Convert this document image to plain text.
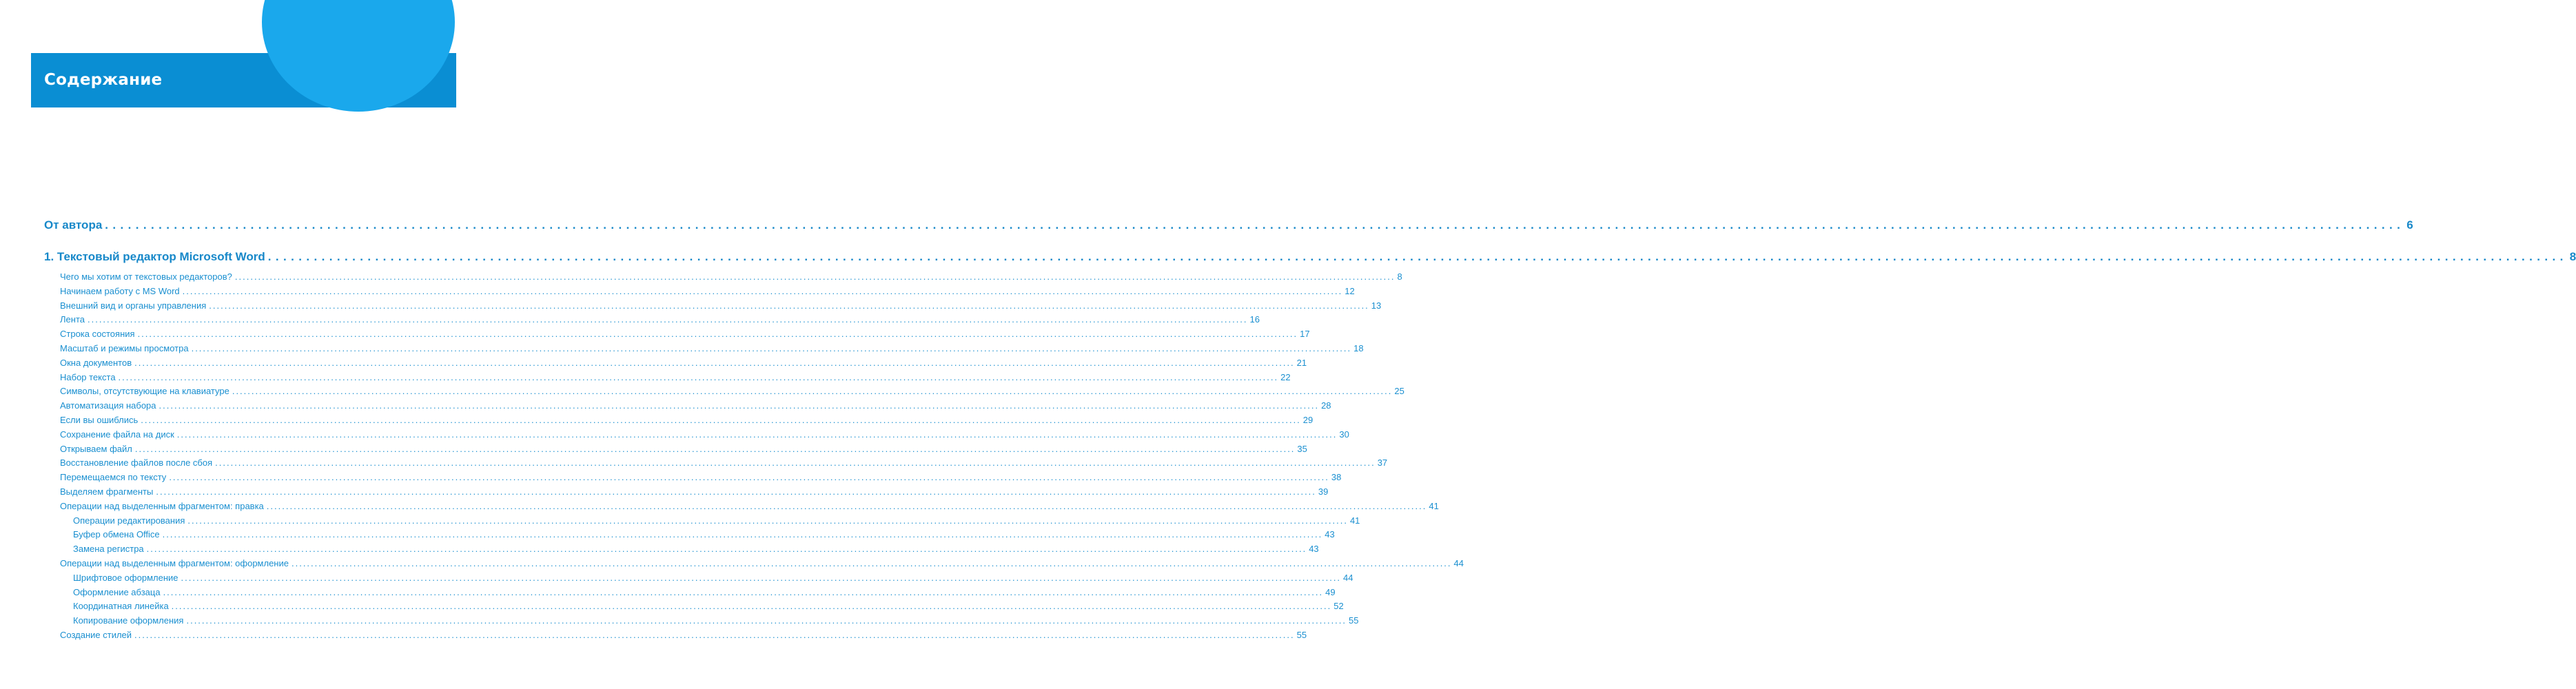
Содержание
От автора ............................................................................................................................................................................................................................................................................................................ 6
1. Текстовый редактор Microsoft Word ............................................................................................................................................................................................................................................................................................................ 8
Чего мы хотим от текстовых редакторов? ............................................................................................................................................................................................................................................................................................................ 8
Начинаем работу с MS Word ............................................................................................................................................................................................................................................................................................................ 12
Внешний вид и органы управления ............................................................................................................................................................................................................................................................................................................ 13
Лента ............................................................................................................................................................................................................................................................................................................ 16
Строка состояния ............................................................................................................................................................................................................................................................................................................ 17
Масштаб и режимы просмотра ............................................................................................................................................................................................................................................................................................................ 18
Окна документов ............................................................................................................................................................................................................................................................................................................ 21
Набор текста ............................................................................................................................................................................................................................................................................................................ 22
Символы, отсутствующие на клавиатуре ............................................................................................................................................................................................................................................................................................................ 25
Автоматизация набора ............................................................................................................................................................................................................................................................................................................ 28
Если вы ошиблись ............................................................................................................................................................................................................................................................................................................ 29
Сохранение файла на диск ............................................................................................................................................................................................................................................................................................................ 30
Открываем файл ............................................................................................................................................................................................................................................................................................................ 35
Восстановление файлов после сбоя ............................................................................................................................................................................................................................................................................................................ 37
Перемещаемся по тексту ............................................................................................................................................................................................................................................................................................................ 38
Выделяем фрагменты ............................................................................................................................................................................................................................................................................................................ 39
Операции над выделенным фрагментом: правка ............................................................................................................................................................................................................................................................................................................ 41
Операции редактирования ............................................................................................................................................................................................................................................................................................................ 41
Буфер обмена Office ............................................................................................................................................................................................................................................................................................................ 43
Замена регистра ............................................................................................................................................................................................................................................................................................................ 43
Операции над выделенным фрагментом: оформление ............................................................................................................................................................................................................................................................................................................ 44
Шрифтовое оформление ............................................................................................................................................................................................................................................................................................................ 44
Оформление абзаца ............................................................................................................................................................................................................................................................................................................ 49
Координатная линейка ............................................................................................................................................................................................................................................................................................................ 52
Копирование оформления ............................................................................................................................................................................................................................................................................................................ 55
Создание стилей ............................................................................................................................................................................................................................................................................................................ 55
